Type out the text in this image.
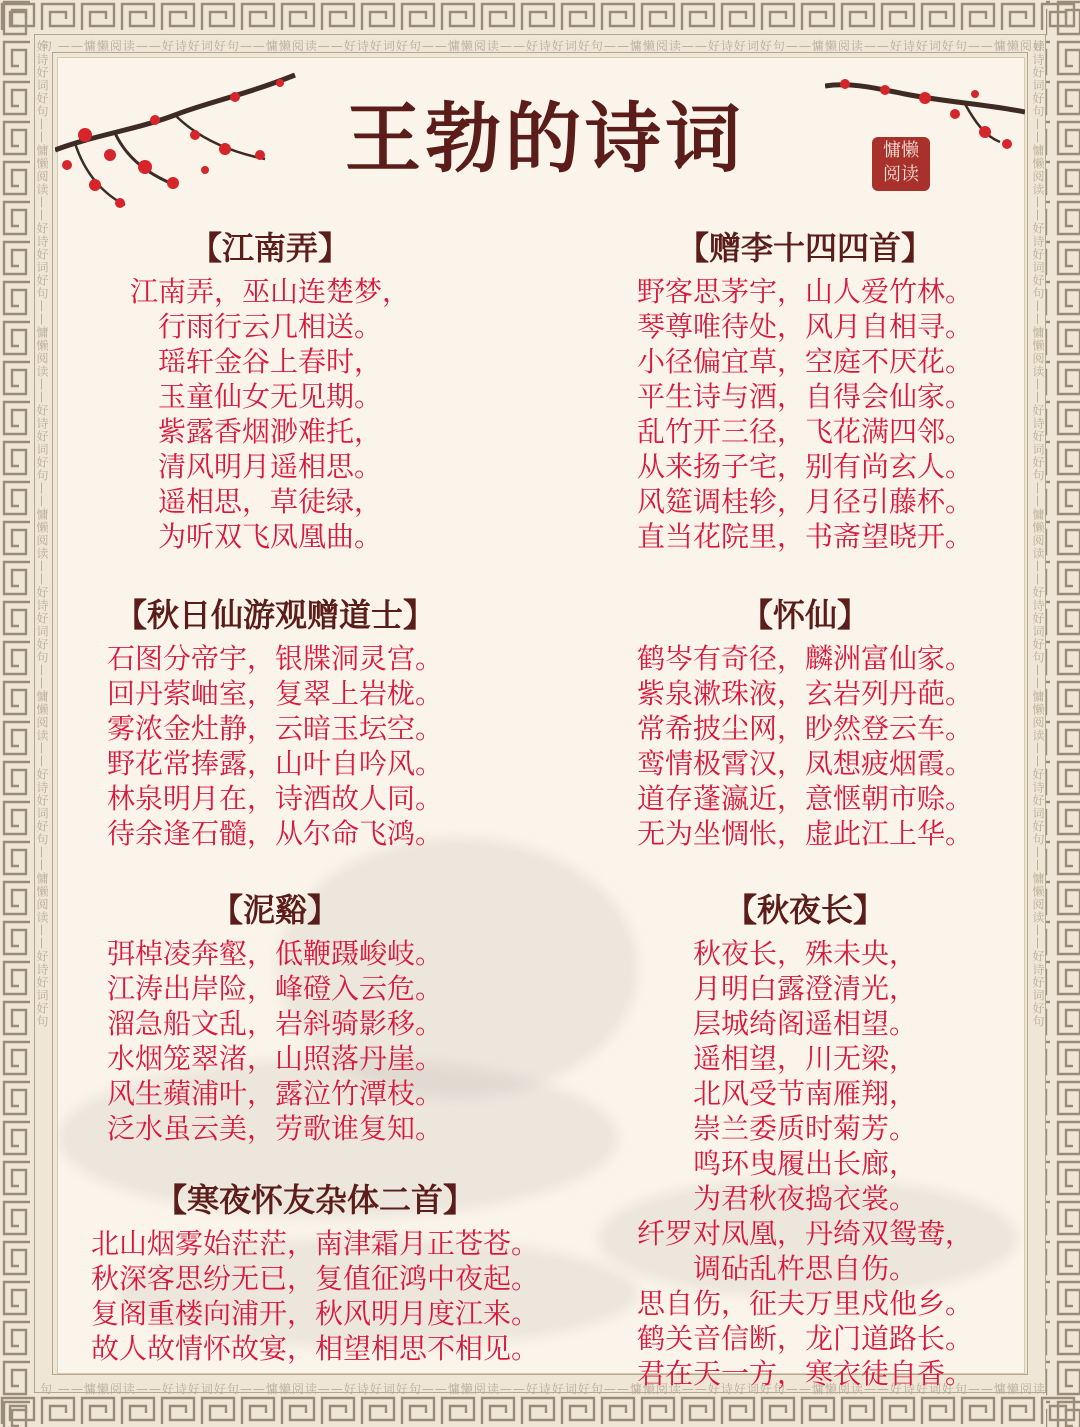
句 ——慵懒阅读——好诗好词好句——慵懒阅读——好诗好词好句——慵懒阅读——好诗好词好句——慵懒阅读——好诗好词好句——慵懒阅读——好诗好词好句——慵懒阅读
句 ——慵懒阅读——好诗好词好句——慵懒阅读——好诗好词好句——慵懒阅读——好诗好词好句——慵懒阅读——好诗好词好句——慵懒阅读——好诗好词好句——慵懒阅读
好诗好词好句——慵懒阅读——好诗好词好句——慵懒阅读——好诗好词好句——慵懒阅读——好诗好词好句——慵懒阅读——好诗好词好句——慵懒阅读——好诗好词好句	好诗好词好句——慵懒阅读——好诗好词好句——慵懒阅读——好诗好词好句——慵懒阅读——好诗好词好句——慵懒阅读——好诗好词好句——慵懒阅读——好诗好词好句
王勃的诗词	慵懒
阅读
【江南弄】
江南弄，巫山连楚梦，
行雨行云几相送。
瑶轩金谷上春时，
玉童仙女无见期。
紫露香烟渺难托，
清风明月遥相思。
遥相思，草徒绿，
为听双飞凤凰曲。
【赠李十四四首】
野客思茅宇，山人爱竹林。
琴尊唯待处，风月自相寻。
小径偏宜草，空庭不厌花。
平生诗与酒，自得会仙家。
乱竹开三径，飞花满四邻。
从来扬子宅，别有尚玄人。
风筵调桂轸，月径引藤杯。
直当花院里，书斋望晓开。
【秋日仙游观赠道士】
石图分帝宇，银牒洞灵宫。
回丹萦岫室，复翠上岩栊。
雾浓金灶静，云暗玉坛空。
野花常捧露，山叶自吟风。
林泉明月在，诗酒故人同。
待余逢石髓，从尔命飞鸿。
【怀仙】
鹤岑有奇径，麟洲富仙家。
紫泉漱珠液，玄岩列丹葩。
常希披尘网，眇然登云车。
鸾情极霄汉，凤想疲烟霞。
道存蓬瀛近，意惬朝市赊。
无为坐惆怅，虚此江上华。
【泥谿】
弭棹凌奔壑，低鞭蹑峻岐。
江涛出岸险，峰磴入云危。
溜急船文乱，岩斜骑影移。
水烟笼翠渚，山照落丹崖。
风生蘋浦叶，露泣竹潭枝。
泛水虽云美，劳歌谁复知。
【秋夜长】
秋夜长，殊未央，
月明白露澄清光，
层城绮阁遥相望。
遥相望，川无梁，
北风受节南雁翔，
崇兰委质时菊芳。
鸣环曳履出长廊，
为君秋夜捣衣裳。
纤罗对凤凰，丹绮双鸳鸯，
调砧乱杵思自伤。
思自伤，征夫万里戍他乡。
鹤关音信断，龙门道路长。
君在天一方，寒衣徒自香。
【寒夜怀友杂体二首】
北山烟雾始茫茫，南津霜月正苍苍。
秋深客思纷无已，复值征鸿中夜起。
复阁重楼向浦开，秋风明月度江来。
故人故情怀故宴，相望相思不相见。
